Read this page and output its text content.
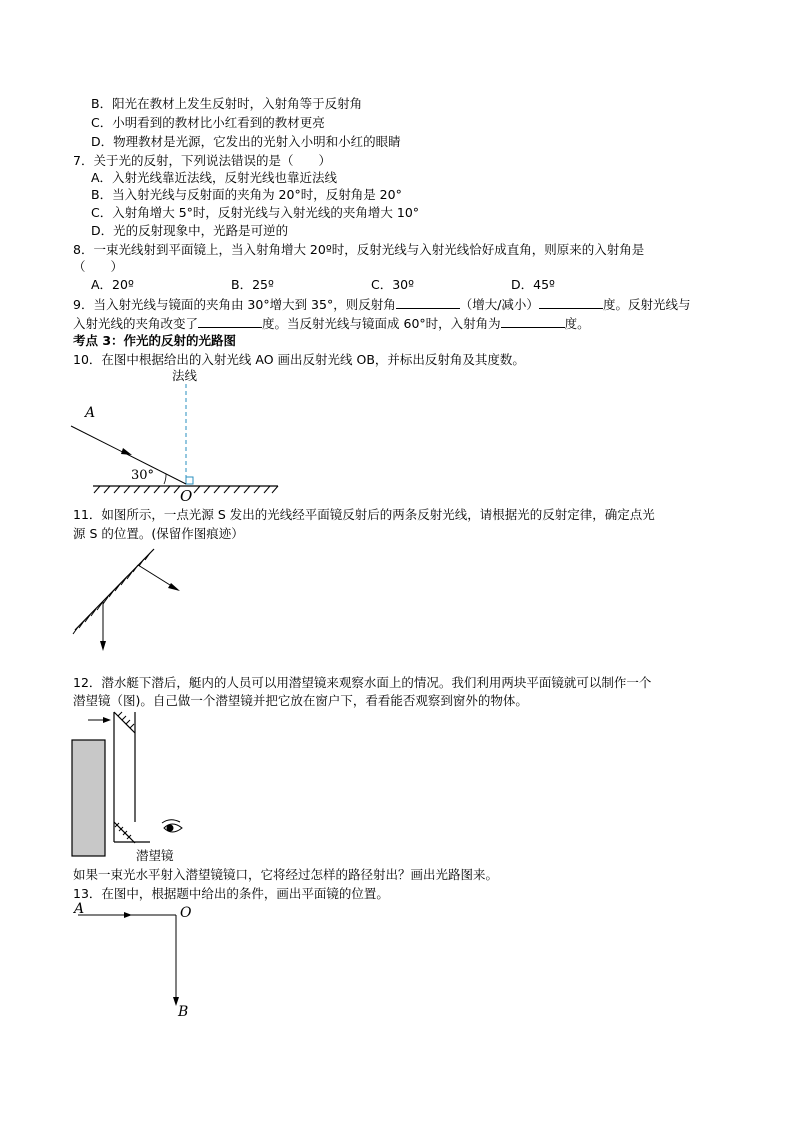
B．阳光在教材上发生反射时，入射角等于反射角
C．小明看到的教材比小红看到的教材更亮
D．物理教材是光源，它发出的光射入小明和小红的眼睛
7．关于光的反射，下列说法错误的是（　　）
A．入射光线靠近法线，反射光线也靠近法线
B．当入射光线与反射面的夹角为 20°时，反射角是 20°
C．入射角增大 5°时，反射光线与入射光线的夹角增大 10°
D．光的反射现象中，光路是可逆的
8．一束光线射到平面镜上，当入射角增大 20º时，反射光线与入射光线恰好成直角，则原来的入射角是
（　　）
A．20º	B．25º	C．30º	D．45º
9．当入射光线与镜面的夹角由 30°增大到 35°，则反射角	（增大/减小）	度。反射光线与
入射光线的夹角改变了	度。当反射光线与镜面成 60°时，入射角为	度。
考点 3：作光的反射的光路图
10．在图中根据给出的入射光线 AO 画出反射光线 OB，并标出反射角及其度数。
法线
A
30°
O
11．如图所示，一点光源 S 发出的光线经平面镜反射后的两条反射光线，请根据光的反射定律，确定点光
源 S 的位置。(保留作图痕迹）
12．潜水艇下潜后，艇内的人员可以用潜望镜来观察水面上的情况。我们利用两块平面镜就可以制作一个
潜望镜（图)。自己做一个潜望镜并把它放在窗户下，看看能否观察到窗外的物体。
潜望镜
如果一束光水平射入潜望镜镜口，它将经过怎样的路径射出？画出光路图来。
13．在图中，根据题中给出的条件，画出平面镜的位置。
A	O
B
